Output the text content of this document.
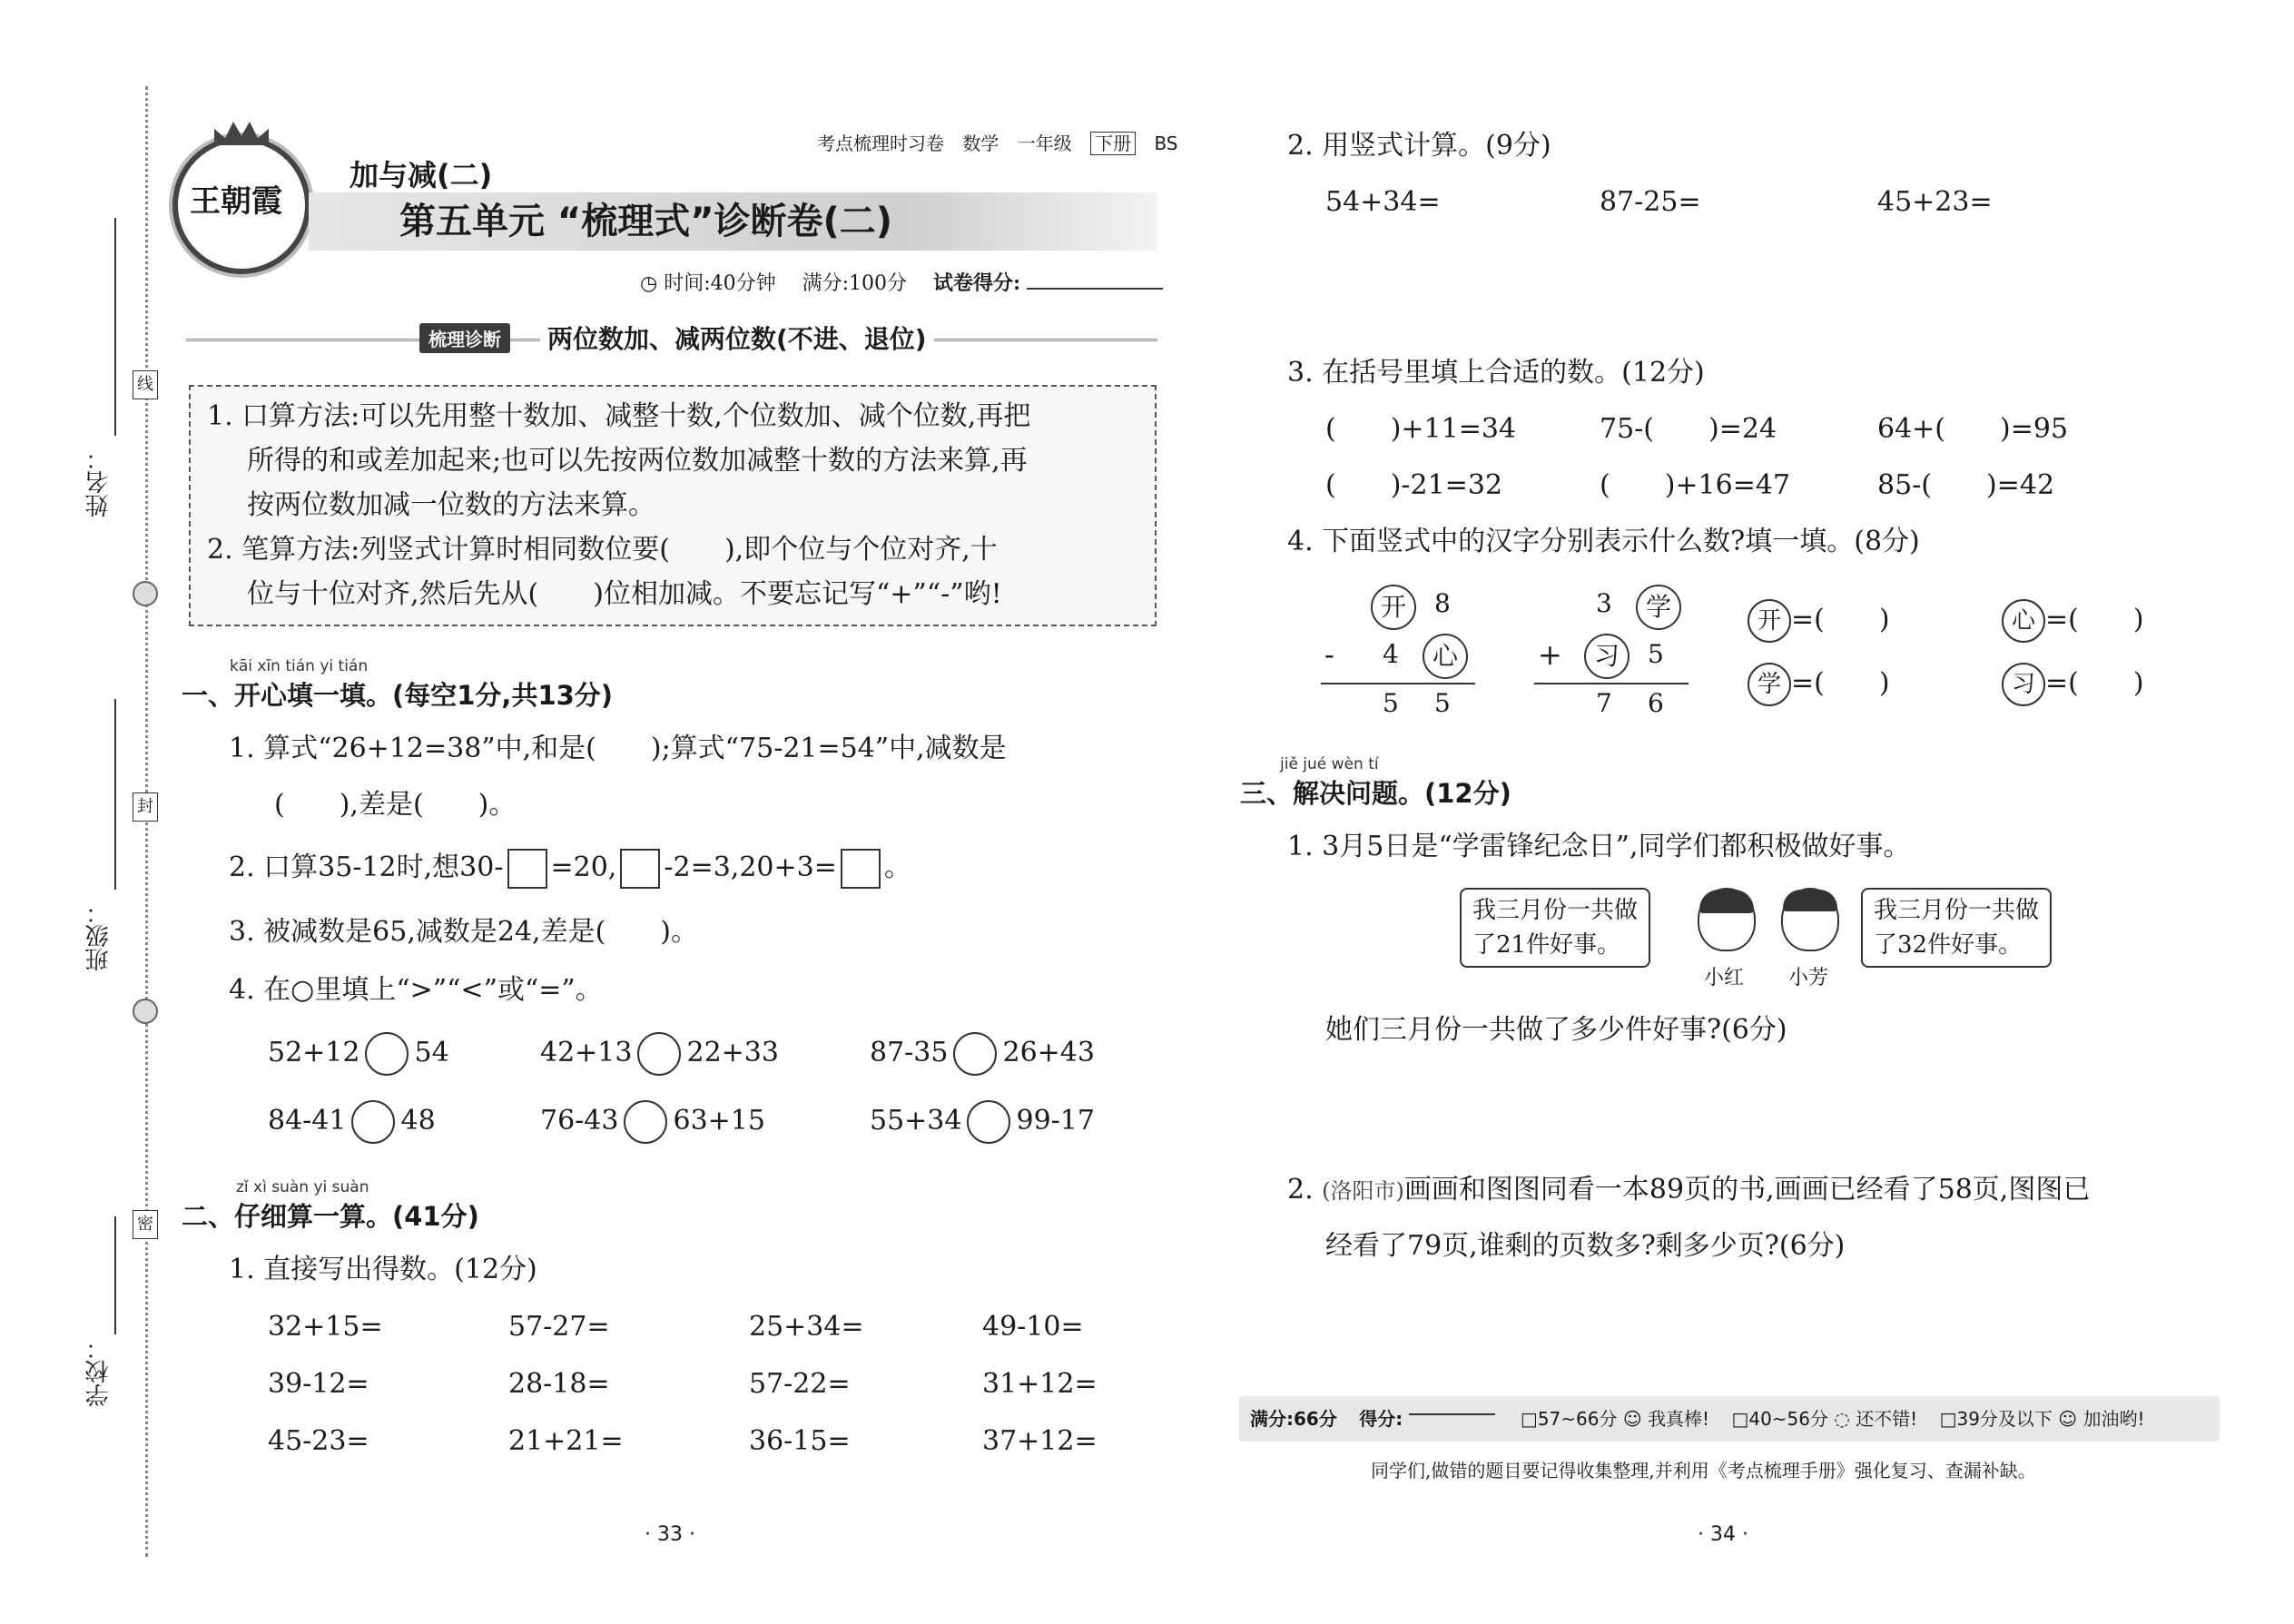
姓名：
班级：
学校：
线
封
密
王朝霞
考点梳理时习卷 数学 一年级 下册 BS
加与减(二)
第五单元 “梳理式”诊断卷(二)
◷ 时间:40分钟 满分:100分 试卷得分:
梳理诊断	两位数加、减两位数(不进、退位)
1. 口算方法:可以先用整十数加、减整十数,个位数加、减个位数,再把
所得的和或差加起来;也可以先按两位数加减整十数的方法来算,再
按两位数加减一位数的方法来算。
2. 笔算方法:列竖式计算时相同数位要(　　),即个位与个位对齐,十
位与十位对齐,然后先从(　　)位相加减。不要忘记写“+”“-”哟!
kāi xīn tián yi tián
一、开心填一填。(每空1分,共13分)
1. 算式“26+12=38”中,和是(　　);算式“75-21=54”中,减数是
(　　),差是(　　)。
2. 口算35-12时,想30- =20, -2=3,20+3= 。
3. 被减数是65,减数是24,差是(　　)。
4. 在○里填上“>”“<”或“=”。
52+12 54	42+13 22+33	87-35 26+43
84-41 48	76-43 63+15	55+34 99-17
zǐ xì suàn yi suàn
二、仔细算一算。(41分)
1. 直接写出得数。(12分)
32+15=	57-27=	25+34=	49-10=
39-12=	28-18=	57-22=	31+12=
45-23=	21+21=	36-15=	37+12=
· 33 ·
2. 用竖式计算。(9分)
54+34=	87-25=	45+23=
3. 在括号里填上合适的数。(12分)
(　　)+11=34	75-(　　)=24	64+(　　)=95
(　　)-21=32	(　　)+16=47	85-(　　)=42
4. 下面竖式中的汉字分别表示什么数?填一填。(8分)
开	8
- 4	心
5 5
3	学
+	习	5
7 6
开 =(　　)	心 =(　　)
学 =(　　)	习 =(　　)
jiě jué wèn tí
三、解决问题。(12分)
1. 3月5日是“学雷锋纪念日”,同学们都积极做好事。
我三月份一共做
了21件好事。
小红 小芳
我三月份一共做
了32件好事。
她们三月份一共做了多少件好事?(6分)
2. (洛阳市)画画和图图同看一本89页的书,画画已经看了58页,图图已
经看了79页,谁剩的页数多?剩多少页?(6分)
满分:66分 得分:	□57~66分 ☺ 我真棒! □40~56分 ◌ 还不错! □39分及以下 ☺ 加油哟!
同学们,做错的题目要记得收集整理,并利用《考点梳理手册》强化复习、查漏补缺。
· 34 ·
